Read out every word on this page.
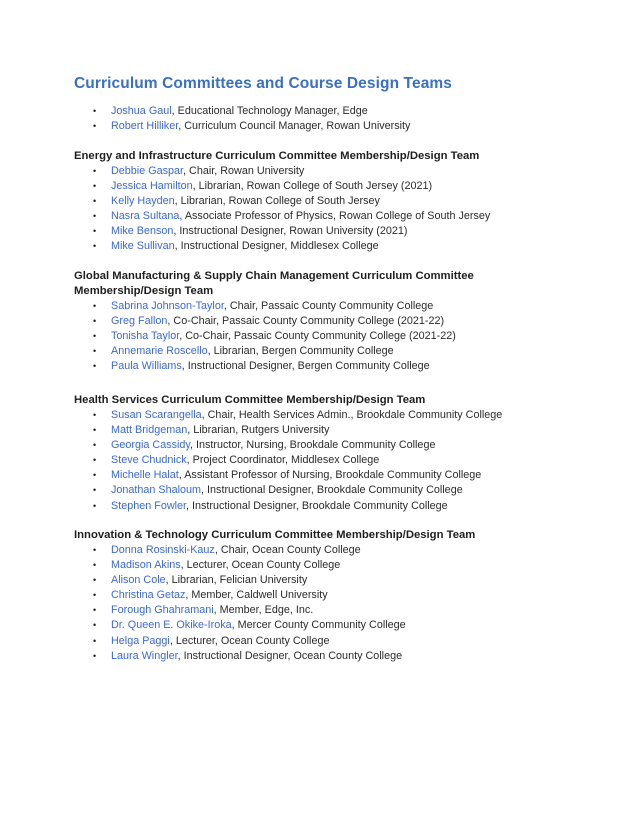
Curriculum Committees and Course Design Teams
• Joshua Gaul, Educational Technology Manager, Edge
• Robert Hilliker, Curriculum Council Manager, Rowan University

Energy and Infrastructure Curriculum Committee Membership/Design Team

• Debbie Gaspar, Chair, Rowan University
• Jessica Hamilton, Librarian, Rowan College of South Jersey (2021)
• Kelly Hayden, Librarian, Rowan College of South Jersey
• Nasra Sultana, Associate Professor of Physics, Rowan College of South Jersey
• Mike Benson, Instructional Designer, Rowan University (2021)
• Mike Sullivan, Instructional Designer, Middlesex College

Global Manufacturing & Supply Chain Management Curriculum Committee

Membership/Design Team

• Sabrina Johnson-Taylor, Chair, Passaic County Community College
• Greg Fallon, Co-Chair, Passaic County Community College (2021-22)
• Tonisha Taylor, Co-Chair, Passaic County Community College (2021-22)
• Annemarie Roscello, Librarian, Bergen Community College
• Paula Williams, Instructional Designer, Bergen Community College

Health Services Curriculum Committee Membership/Design Team

• Susan Scarangella, Chair, Health Services Admin., Brookdale Community College
• Matt Bridgeman, Librarian, Rutgers University
• Georgia Cassidy, Instructor, Nursing, Brookdale Community College
• Steve Chudnick, Project Coordinator, Middlesex College
• Michelle Halat, Assistant Professor of Nursing, Brookdale Community College
• Jonathan Shaloum, Instructional Designer, Brookdale Community College
• Stephen Fowler, Instructional Designer, Brookdale Community College

Innovation & Technology Curriculum Committee Membership/Design Team

• Donna Rosinski-Kauz, Chair, Ocean County College
• Madison Akins, Lecturer, Ocean County College
• Alison Cole, Librarian, Felician University
• Christina Getaz, Member, Caldwell University
• Forough Ghahramani, Member, Edge, Inc.
• Dr. Queen E. Okike-Iroka, Mercer County Community College
• Helga Paggi, Lecturer, Ocean County College
• Laura Wingler, Instructional Designer, Ocean County College
